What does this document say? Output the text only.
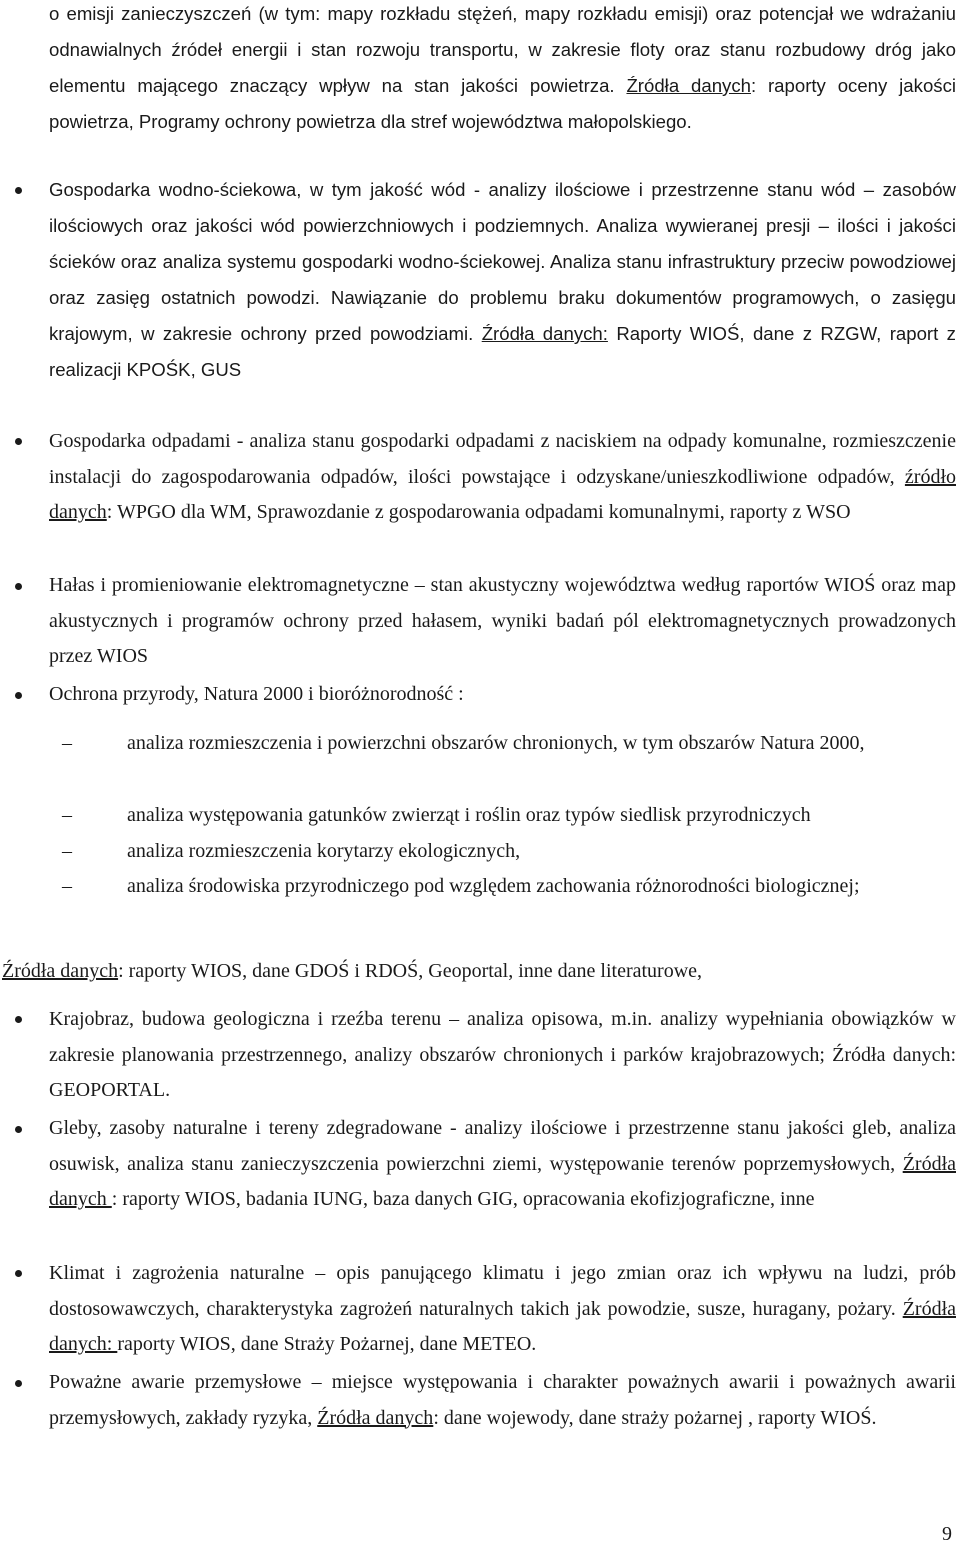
o emisji zanieczyszczeń (w tym: mapy rozkładu stężeń, mapy rozkładu emisji) oraz potencjał we wdrażaniu odnawialnych źródeł energii i stan rozwoju transportu, w zakresie floty oraz stanu rozbudowy dróg jako elementu mającego znaczący wpływ na stan jakości powietrza. Źródła danych: raporty oceny jakości powietrza, Programy ochrony powietrza dla stref województwa małopolskiego.

Gospodarka wodno-ściekowa, w tym jakość wód - analizy ilościowe i przestrzenne stanu wód – zasobów ilościowych oraz jakości wód powierzchniowych i podziemnych. Analiza wywieranej presji – ilości i jakości ścieków oraz analiza systemu gospodarki wodno-ściekowej. Analiza stanu infrastruktury przeciw powodziowej oraz zasięg ostatnich powodzi. Nawiązanie do problemu braku dokumentów programowych, o zasięgu krajowym, w zakresie ochrony przed powodziami. Źródła danych: Raporty WIOŚ, dane z RZGW, raport z realizacji KPOŚK, GUS

Gospodarka odpadami - analiza stanu gospodarki odpadami z naciskiem na odpady komunalne, rozmieszczenie instalacji do zagospodarowania odpadów, ilości powstające i odzyskane/unieszkodliwione odpadów, źródło danych: WPGO dla WM, Sprawozdanie z gospodarowania odpadami komunalnymi, raporty z WSO

Hałas i promieniowanie elektromagnetyczne – stan akustyczny województwa według raportów WIOŚ oraz map akustycznych i programów ochrony przed hałasem, wyniki badań pól elektromagnetycznych prowadzonych przez WIOS

Ochrona przyrody, Natura 2000 i bioróżnorodność :

–	analiza rozmieszczenia i powierzchni obszarów chronionych, w tym obszarów Natura 2000,

–	analiza występowania gatunków zwierząt i roślin oraz typów siedlisk przyrodniczych

–	analiza rozmieszczenia korytarzy ekologicznych,

–	analiza środowiska przyrodniczego pod względem zachowania różnorodności biologicznej;

Źródła danych: raporty WIOS, dane GDOŚ i RDOŚ, Geoportal, inne dane literaturowe,

Krajobraz, budowa geologiczna i rzeźba terenu – analiza opisowa, m.in. analizy wypełniania obowiązków w zakresie planowania przestrzennego, analizy obszarów chronionych i parków krajobrazowych; Źródła danych: GEOPORTAL.

Gleby, zasoby naturalne i tereny zdegradowane - analizy ilościowe i przestrzenne stanu jakości gleb, analiza osuwisk, analiza stanu zanieczyszczenia powierzchni ziemi, występowanie terenów poprzemysłowych, Źródła danych : raporty WIOS, badania IUNG, baza danych GIG, opracowania ekofizjograficzne, inne

Klimat i zagrożenia naturalne – opis panującego klimatu i jego zmian oraz ich wpływu na ludzi, prób dostosowawczych, charakterystyka zagrożeń naturalnych takich jak powodzie, susze, huragany, pożary. Źródła danych: raporty WIOS, dane Straży Pożarnej, dane METEO.

Poważne awarie przemysłowe – miejsce występowania i charakter poważnych awarii i poważnych awarii przemysłowych, zakłady ryzyka, Źródła danych: dane wojewody, dane straży pożarnej , raporty WIOŚ.

9
